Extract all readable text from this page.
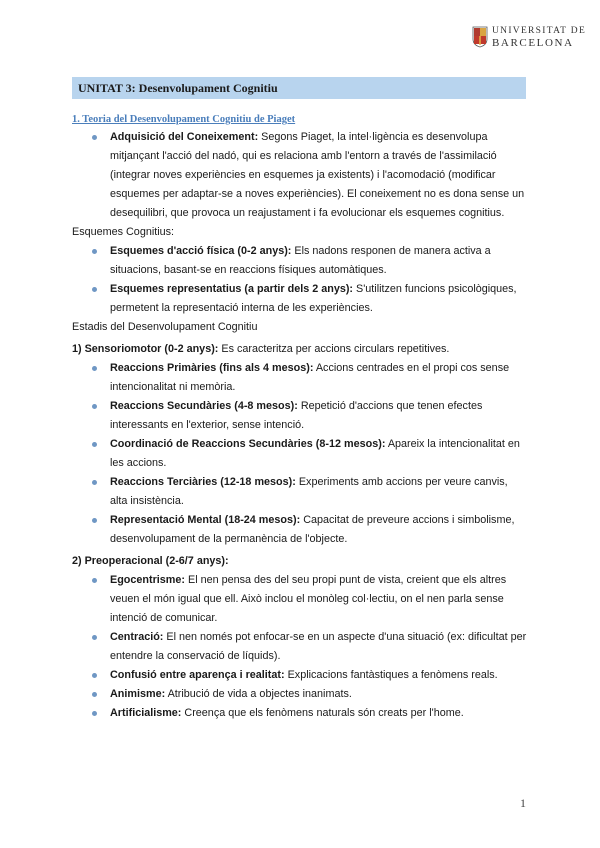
UNIVERSITAT DE
BARCELONA
UNITAT 3: Desenvolupament Cognitiu
1. Teoria del Desenvolupament Cognitiu de Piaget
Adquisició del Coneixement: Segons Piaget, la intel·ligència es desenvolupa mitjançant l'acció del nadó, qui es relaciona amb l'entorn a través de l'assimilació (integrar noves experiències en esquemes ja existents) i l'acomodació (modificar esquemes per adaptar-se a noves experiències). El coneixement no es dona sense un desequilibri, que provoca un reajustament i fa evolucionar els esquemes cognitius.
Esquemes Cognitius:
Esquemes d'acció física (0-2 anys): Els nadons responen de manera activa a situacions, basant-se en reaccions físiques automàtiques.
Esquemes representatius (a partir dels 2 anys): S'utilitzen funcions psicològiques, permetent la representació interna de les experiències.
Estadis del Desenvolupament Cognitiu
1) Sensoriomotor (0-2 anys): Es caracteritza per accions circulars repetitives.
Reaccions Primàries (fins als 4 mesos): Accions centrades en el propi cos sense intencionalitat ni memòria.
Reaccions Secundàries (4-8 mesos): Repetició d'accions que tenen efectes interessants en l'exterior, sense intenció.
Coordinació de Reaccions Secundàries (8-12 mesos): Apareix la intencionalitat en les accions.
Reaccions Terciàries (12-18 mesos): Experiments amb accions per veure canvis, alta insistència.
Representació Mental (18-24 mesos): Capacitat de preveure accions i simbolisme, desenvolupament de la permanència de l'objecte.
2) Preoperacional (2-6/7 anys):
Egocentrisme: El nen pensa des del seu propi punt de vista, creient que els altres veuen el món igual que ell. Això inclou el monòleg col·lectiu, on el nen parla sense intenció de comunicar.
Centració: El nen només pot enfocar-se en un aspecte d'una situació (ex: dificultat per entendre la conservació de líquids).
Confusió entre aparença i realitat: Explicacions fantàstiques a fenòmens reals.
Animisme: Atribució de vida a objectes inanimats.
Artificialisme: Creença que els fenòmens naturals són creats per l'home.
1
